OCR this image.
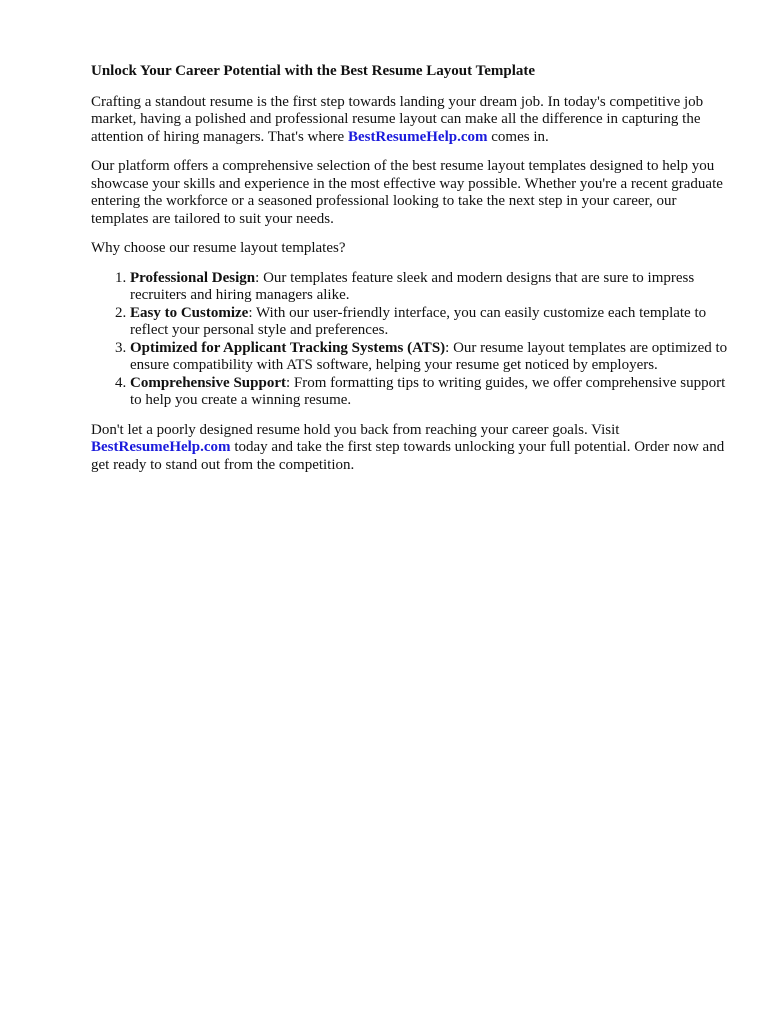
Unlock Your Career Potential with the Best Resume Layout Template

Crafting a standout resume is the first step towards landing your dream job. In today's competitive job market, having a polished and professional resume layout can make all the difference in capturing the attention of hiring managers. That's where BestResumeHelp.com comes in.

Our platform offers a comprehensive selection of the best resume layout templates designed to help you showcase your skills and experience in the most effective way possible. Whether you're a recent graduate entering the workforce or a seasoned professional looking to take the next step in your career, our templates are tailored to suit your needs.

Why choose our resume layout templates?

1. Professional Design: Our templates feature sleek and modern designs that are sure to impress recruiters and hiring managers alike.
2. Easy to Customize: With our user-friendly interface, you can easily customize each template to reflect your personal style and preferences.
3. Optimized for Applicant Tracking Systems (ATS): Our resume layout templates are optimized to ensure compatibility with ATS software, helping your resume get noticed by employers.
4. Comprehensive Support: From formatting tips to writing guides, we offer comprehensive support to help you create a winning resume.

Don't let a poorly designed resume hold you back from reaching your career goals. Visit BestResumeHelp.com today and take the first step towards unlocking your full potential. Order now and get ready to stand out from the competition.
